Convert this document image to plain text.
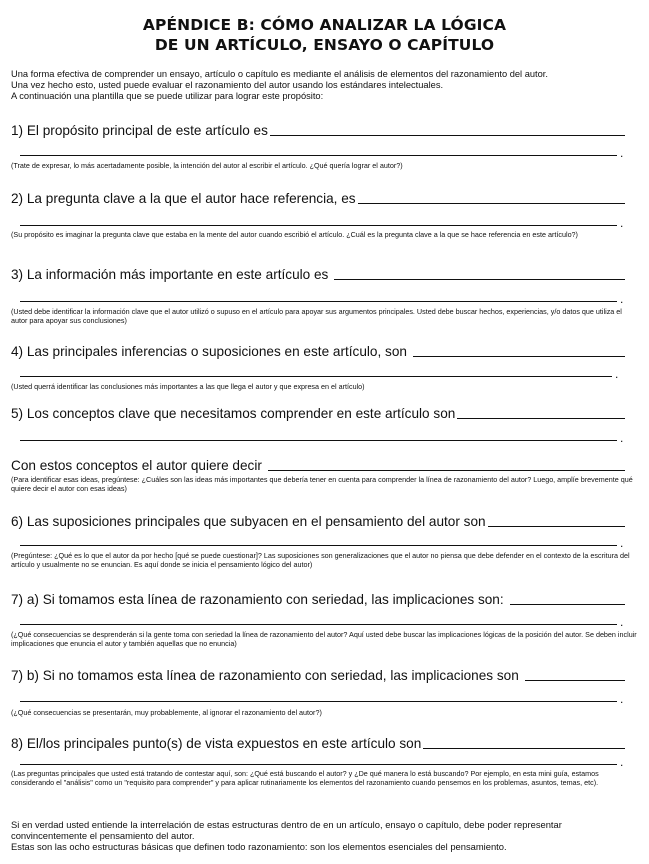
APÉNDICE B: CÓMO ANALIZAR LA LÓGICA
DE UN ARTÍCULO, ENSAYO O CAPÍTULO
Una forma efectiva de comprender un ensayo, artículo o capítulo es mediante el análisis de elementos del razonamiento del autor.
Una vez hecho esto, usted puede evaluar el razonamiento del autor usando los estándares intelectuales.
A continuación una plantilla que se puede utilizar para lograr este propósito:
1) El propósito principal de este artículo es
.
(Trate de expresar, lo más acertadamente posible, la intención del autor al escribir el artículo. ¿Qué quería lograr el autor?)
2) La pregunta clave a la que el autor hace referencia, es
.
(Su propósito es imaginar la pregunta clave que estaba en la mente del autor cuando escribió el artículo. ¿Cuál es la pregunta clave a la que se hace referencia en este artículo?)
3) La información más importante en este artículo es
.
(Usted debe identificar la información clave que el autor utilizó o supuso en el artículo para apoyar sus argumentos principales. Usted debe buscar hechos, experiencias, y/o datos que utiliza el autor para apoyar sus conclusiones)
4) Las principales inferencias o suposiciones en este artículo, son
.
(Usted querrá identificar las conclusiones más importantes a las que llega el autor y que expresa en el artículo)
5) Los conceptos clave que necesitamos comprender en este artículo son
.
Con estos conceptos el autor quiere decir
(Para identificar esas ideas, pregúntese: ¿Cuáles son las ideas más importantes que debería tener en cuenta para comprender la línea de razonamiento del autor? Luego, amplíe brevemente qué quiere decir el autor con esas ideas)
6) Las suposiciones principales que subyacen en el pensamiento del autor son
.
(Pregúntese: ¿Qué es lo que el autor da por hecho [qué se puede cuestionar]? Las suposiciones son generalizaciones que el autor no piensa que debe defender en el contexto de la escritura del artículo y usualmente no se enuncian. Es aquí donde se inicia el pensamiento lógico del autor)
7) a) Si tomamos esta línea de razonamiento con seriedad, las implicaciones son:
.
(¿Qué consecuencias se desprenderán si la gente toma con seriedad la línea de razonamiento del autor? Aquí usted debe buscar las implicaciones lógicas de la posición del autor. Se deben incluir implicaciones que enuncia el autor y también aquellas que no enuncia)
7) b) Si no tomamos esta línea de razonamiento con seriedad, las implicaciones son
.
(¿Qué consecuencias se presentarán, muy probablemente, al ignorar el razonamiento del autor?)
8) El/los principales punto(s) de vista expuestos en este artículo son
.
(Las preguntas principales que usted está tratando de contestar aquí, son: ¿Qué está buscando el autor? y ¿De qué manera lo está buscando? Por ejemplo, en esta mini guía, estamos considerando el "análisis" como un "requisito para comprender" y para aplicar rutinariamente los elementos del razonamiento cuando pensemos en los problemas, asuntos, temas, etc).
Si en verdad usted entiende la interrelación de estas estructuras dentro de en un artículo, ensayo o capítulo, debe poder representar
convincentemente el pensamiento del autor.
Estas son las ocho estructuras básicas que definen todo razonamiento: son los elementos esenciales del pensamiento.
